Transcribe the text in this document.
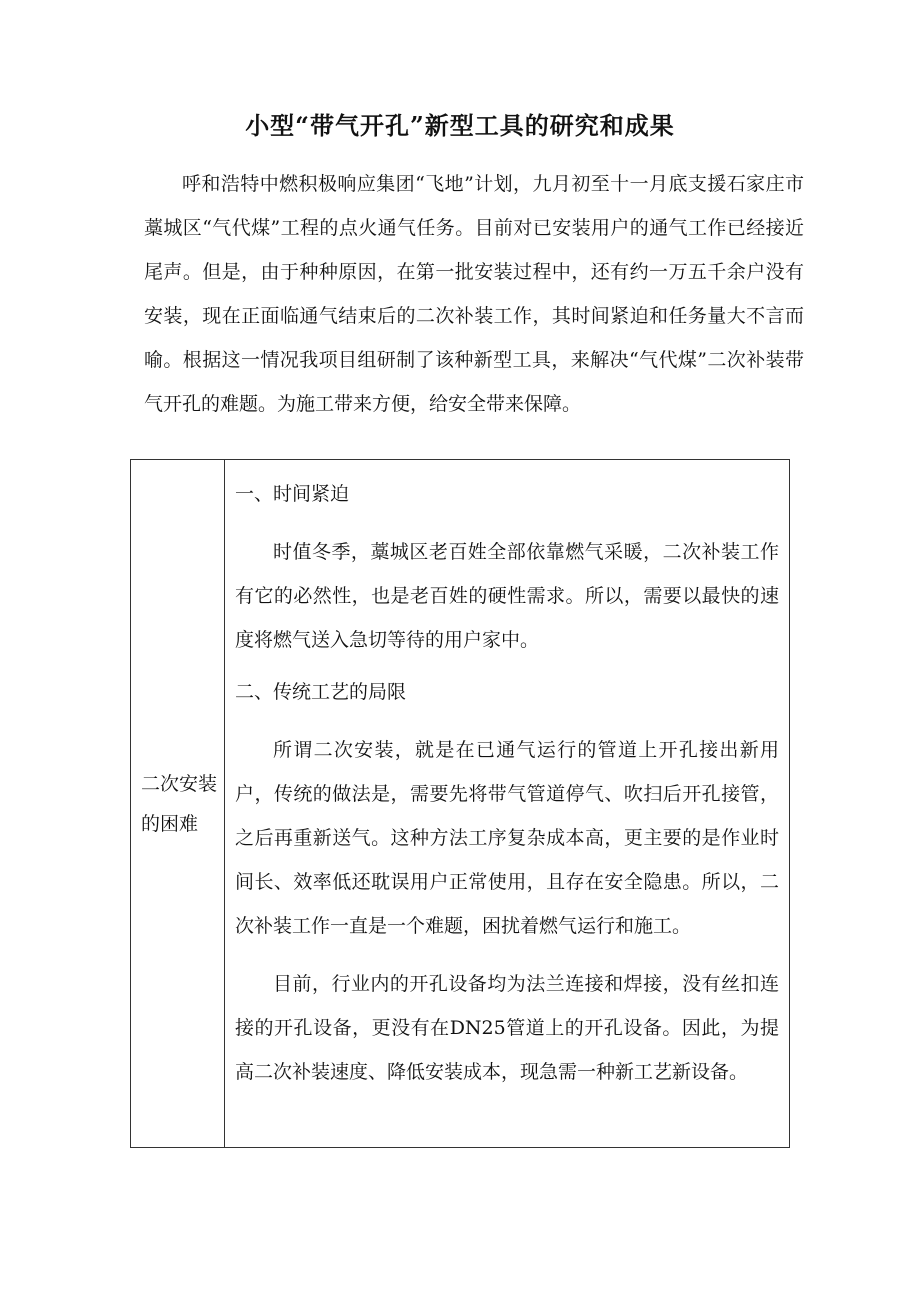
小型“带气开孔”新型工具的研究和成果

呼和浩特中燃积极响应集团“飞地”计划，九月初至十一月底支援石家庄市藁城区“气代煤”工程的点火通气任务。目前对已安装用户的通气工作已经接近尾声。但是，由于种种原因，在第一批安装过程中，还有约一万五千余户没有安装，现在正面临通气结束后的二次补装工作，其时间紧迫和任务量大不言而喻。根据这一情况我项目组研制了该种新型工具，来解决“气代煤”二次补装带气开孔的难题。为施工带来方便，给安全带来保障。

二次安装的困难	

一、时间紧迫

时值冬季，藁城区老百姓全部依靠燃气采暖，二次补装工作有它的必然性，也是老百姓的硬性需求。所以，需要以最快的速度将燃气送入急切等待的用户家中。

二、传统工艺的局限

所谓二次安装，就是在已通气运行的管道上开孔接出新用户，传统的做法是，需要先将带气管道停气、吹扫后开孔接管，之后再重新送气。这种方法工序复杂成本高，更主要的是作业时间长、效率低还耽误用户正常使用，且存在安全隐患。所以，二次补装工作一直是一个难题，困扰着燃气运行和施工。

目前，行业内的开孔设备均为法兰连接和焊接，没有丝扣连接的开孔设备，更没有在DN25管道上的开孔设备。因此，为提高二次补装速度、降低安装成本，现急需一种新工艺新设备。
